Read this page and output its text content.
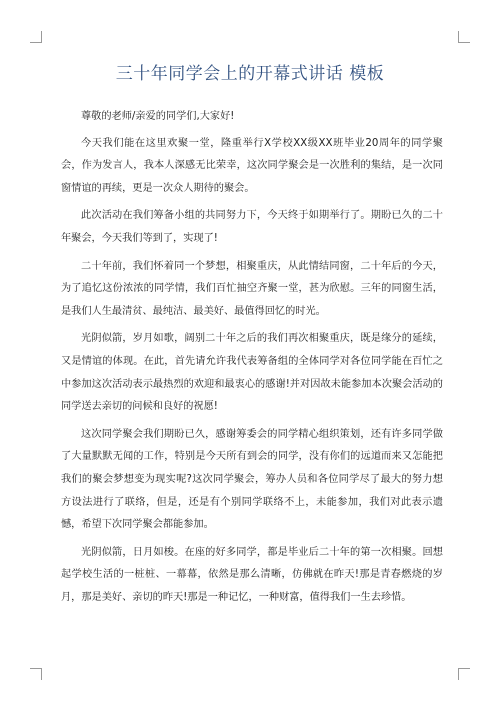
三十年同学会上的开幕式讲话 模板

尊敬的老师/亲爱的同学们,大家好!

今天我们能在这里欢聚一堂，隆重举行X学校XX级XX班毕业20周年的同学聚会，作为发言人，我本人深感无比荣幸，这次同学聚会是一次胜利的集结，是一次同窗情谊的再续，更是一次众人期待的聚会。

此次活动在我们筹备小组的共同努力下，今天终于如期举行了。期盼已久的二十年聚会，今天我们等到了，实现了!

二十年前，我们怀着同一个梦想，相聚重庆，从此情结同窗，二十年后的今天，为了追忆这份浓浓的同学情，我们百忙抽空齐聚一堂，甚为欣慰。三年的同窗生活，是我们人生最清贫、最纯洁、最美好、最值得回忆的时光。

光阴似箭，岁月如歌，阔别二十年之后的我们再次相聚重庆，既是缘分的延续，又是情谊的体现。在此，首先请允许我代表筹备组的全体同学对各位同学能在百忙之中参加这次活动表示最热烈的欢迎和最衷心的感谢!并对因故未能参加本次聚会活动的同学送去亲切的问候和良好的祝愿!

这次同学聚会我们期盼已久，感谢筹委会的同学精心组织策划，还有许多同学做了大量默默无闻的工作，特别是今天所有到会的同学，没有你们的远道而来又怎能把我们的聚会梦想变为现实呢?这次同学聚会，筹办人员和各位同学尽了最大的努力想方设法进行了联络，但是，还是有个别同学联络不上，未能参加，我们对此表示遗憾，希望下次同学聚会都能参加。

光阴似箭，日月如梭。在座的好多同学，都是毕业后二十年的第一次相聚。回想起学校生活的一桩桩、一幕幕，依然是那么清晰，仿佛就在昨天!那是青春燃烧的岁月，那是美好、亲切的昨天!那是一种记忆，一种财富，值得我们一生去珍惜。
